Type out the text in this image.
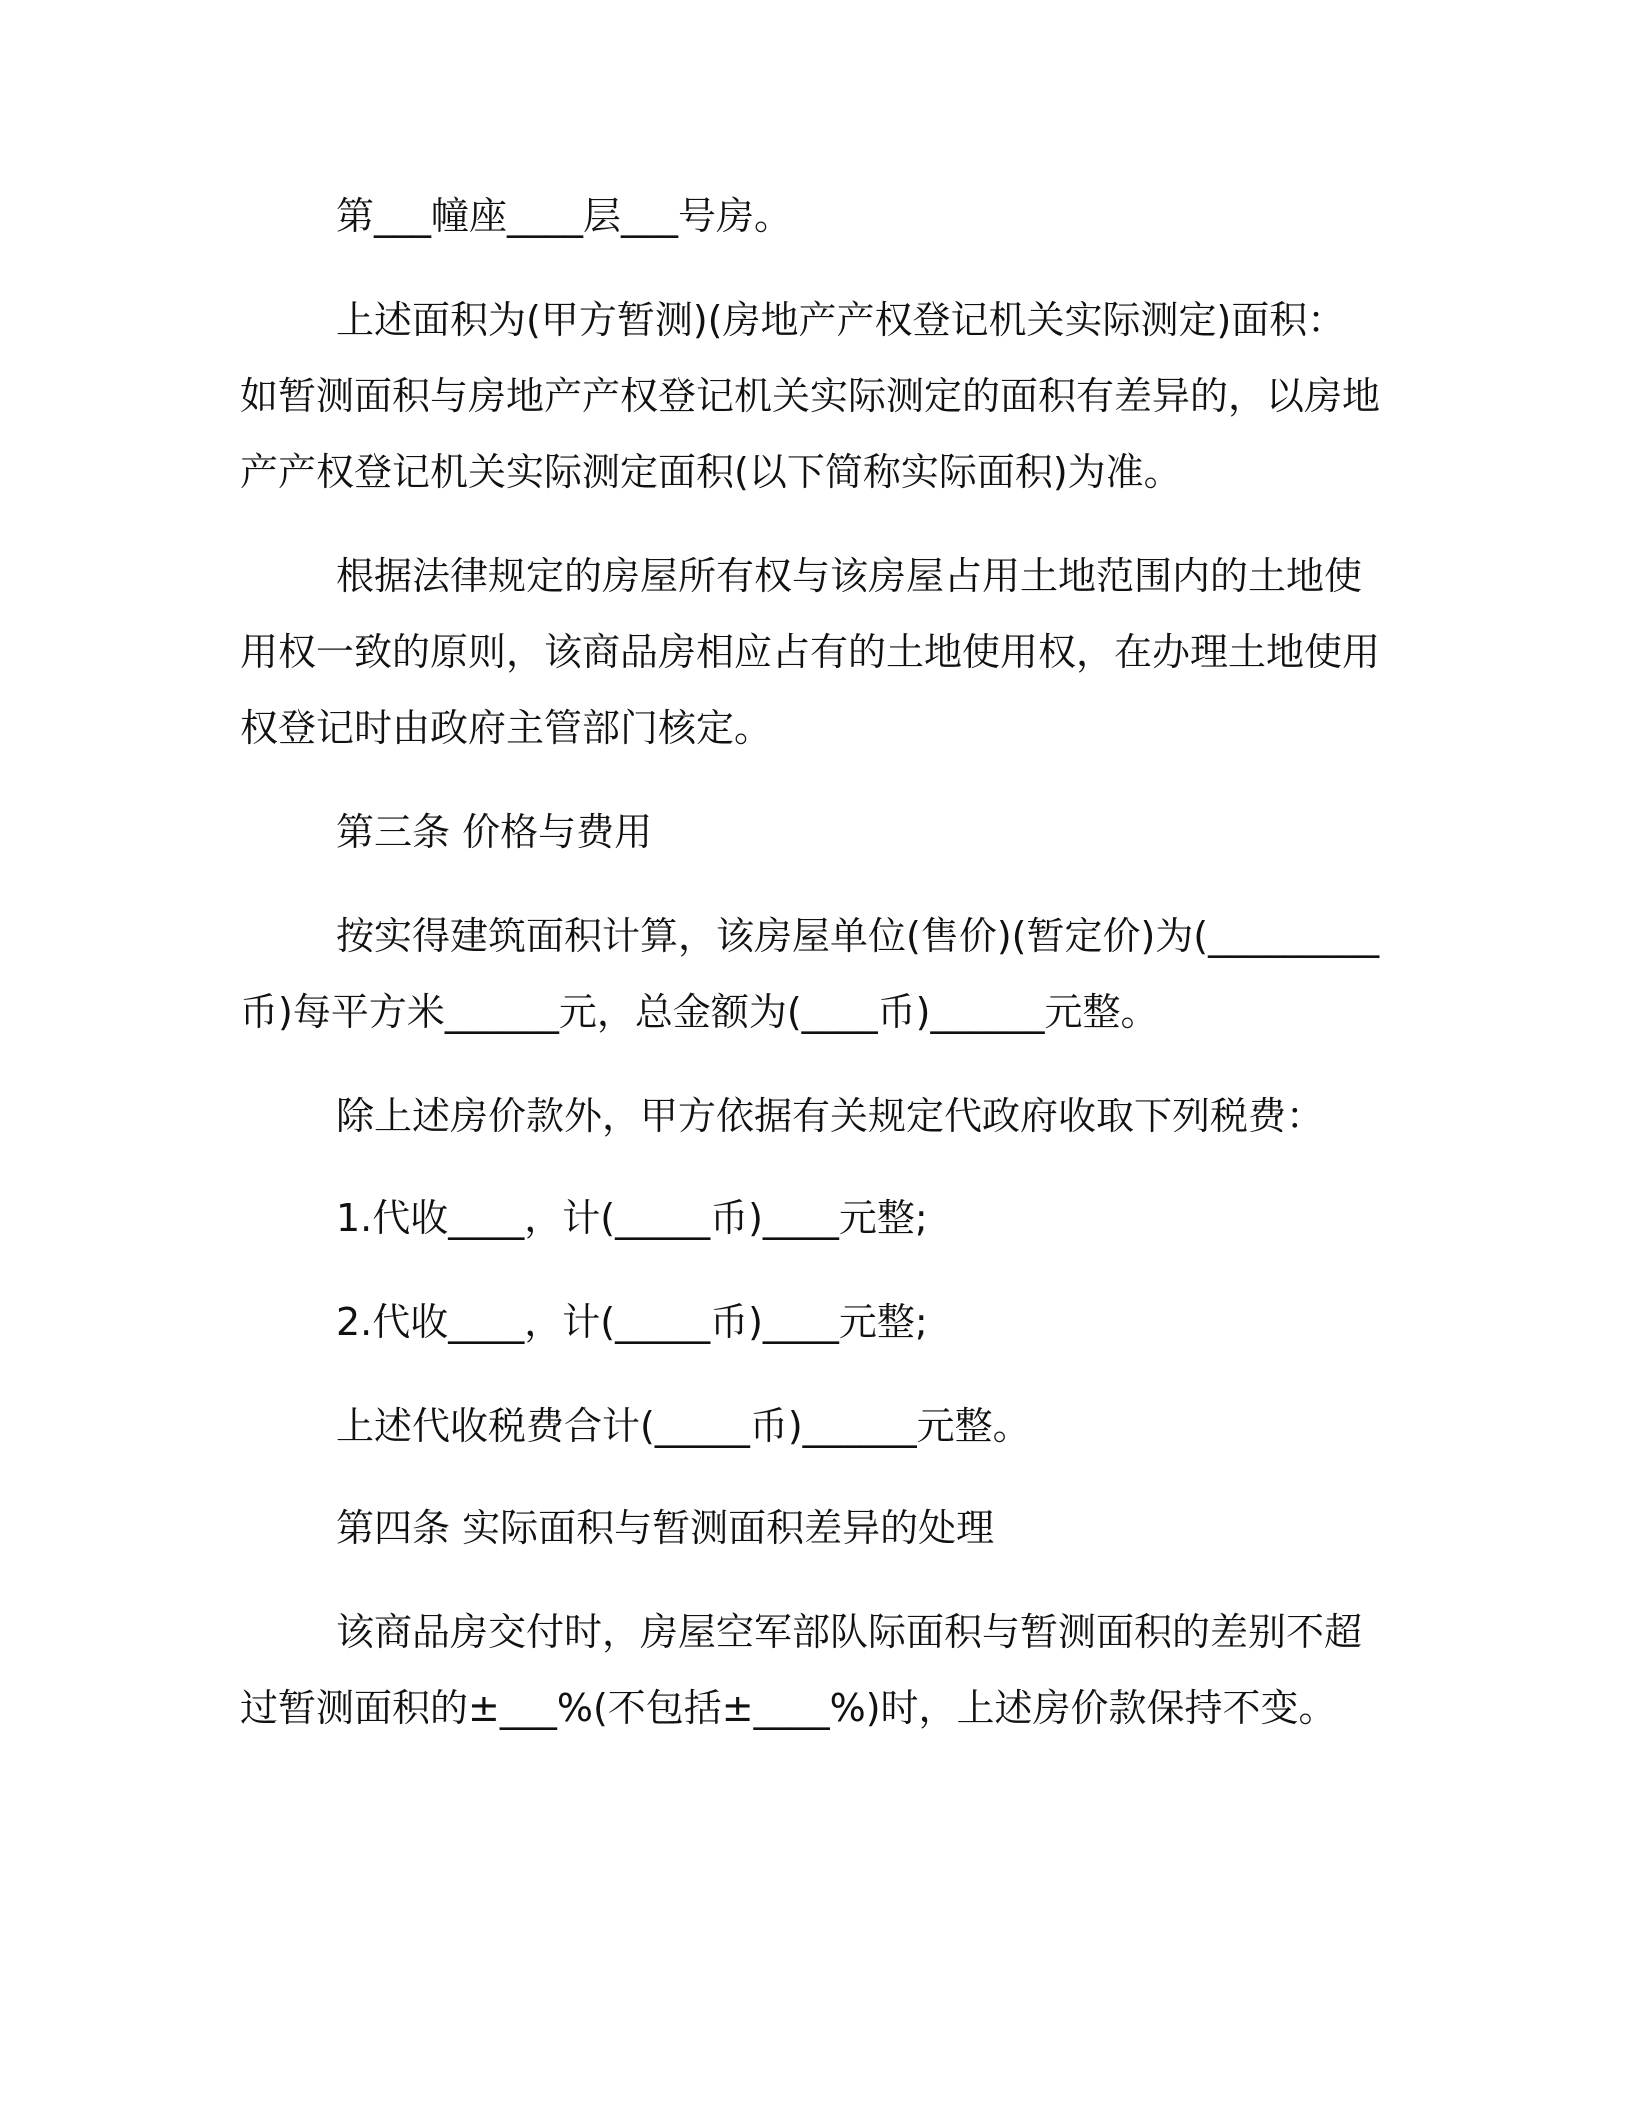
第___幢座____层___号房。

上述面积为(甲方暂测)(房地产产权登记机关实际测定)面积：如暂测面积与房地产产权登记机关实际测定的面积有差异的，以房地产产权登记机关实际测定面积(以下简称实际面积)为准。

根据法律规定的房屋所有权与该房屋占用土地范围内的土地使用权一致的原则，该商品房相应占有的土地使用权，在办理土地使用权登记时由政府主管部门核定。

第三条 价格与费用

按实得建筑面积计算，该房屋单位(售价)(暂定价)为(_________币)每平方米______元，总金额为(____币)______元整。

除上述房价款外，甲方依据有关规定代政府收取下列税费：

1.代收____，计(_____币)____元整;

2.代收____，计(_____币)____元整;

上述代收税费合计(_____币)______元整。

第四条 实际面积与暂测面积差异的处理

该商品房交付时，房屋空军部队际面积与暂测面积的差别不超过暂测面积的±___%(不包括±____%)时，上述房价款保持不变。
